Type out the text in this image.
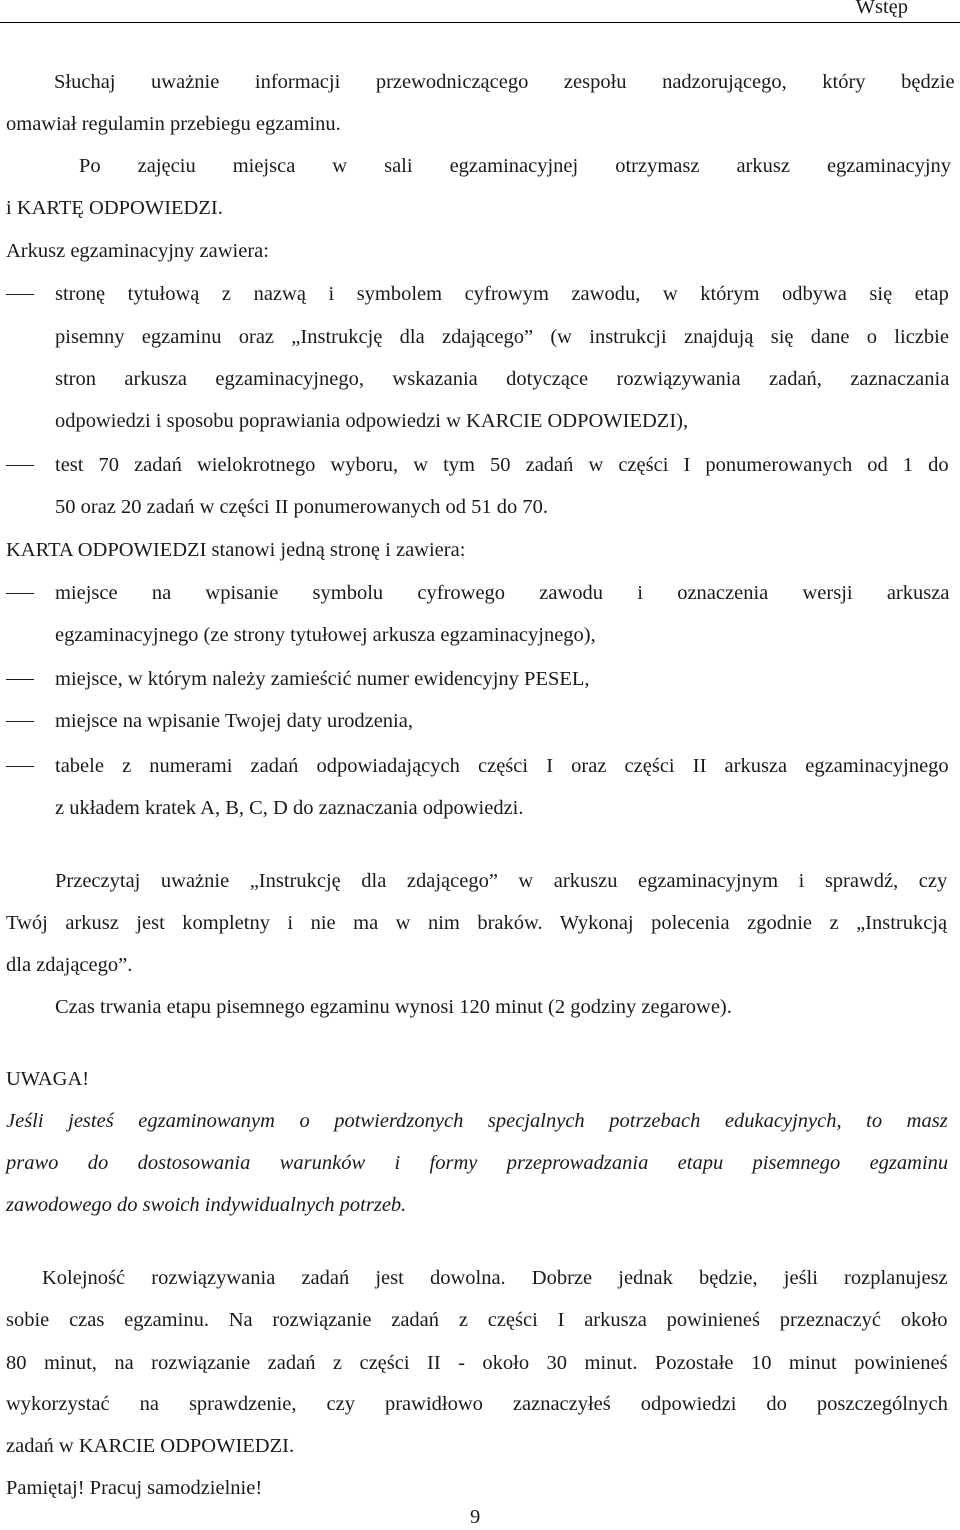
Wstęp
Słuchaj uważnie informacji przewodniczącego zespołu nadzorującego, który będzie
omawiał regulamin przebiegu egzaminu.
Po zajęciu miejsca w sali egzaminacyjnej otrzymasz arkusz egzaminacyjny
i KARTĘ ODPOWIEDZI.
Arkusz egzaminacyjny zawiera:
stronę tytułową z nazwą i symbolem cyfrowym zawodu, w którym odbywa się etap
pisemny egzaminu oraz „Instrukcję dla zdającego” (w instrukcji znajdują się dane o liczbie
stron arkusza egzaminacyjnego, wskazania dotyczące rozwiązywania zadań, zaznaczania
odpowiedzi i sposobu poprawiania odpowiedzi w KARCIE ODPOWIEDZI),
test 70 zadań wielokrotnego wyboru, w tym 50 zadań w części I ponumerowanych od 1 do
50 oraz 20 zadań w części II ponumerowanych od 51 do 70.
KARTA ODPOWIEDZI stanowi jedną stronę i zawiera:
miejsce na wpisanie symbolu cyfrowego zawodu i oznaczenia wersji arkusza
egzaminacyjnego (ze strony tytułowej arkusza egzaminacyjnego),
miejsce, w którym należy zamieścić numer ewidencyjny PESEL,
miejsce na wpisanie Twojej daty urodzenia,
tabele z numerami zadań odpowiadających części I oraz części II arkusza egzaminacyjnego
z układem kratek A, B, C, D do zaznaczania odpowiedzi.
Przeczytaj uważnie „Instrukcję dla zdającego” w arkuszu egzaminacyjnym i sprawdź, czy
Twój arkusz jest kompletny i nie ma w nim braków. Wykonaj polecenia zgodnie z „Instrukcją
dla zdającego”.
Czas trwania etapu pisemnego egzaminu wynosi 120 minut (2 godziny zegarowe).
UWAGA!
Jeśli jesteś egzaminowanym o potwierdzonych specjalnych potrzebach edukacyjnych, to masz
prawo do dostosowania warunków i formy przeprowadzania etapu pisemnego egzaminu
zawodowego do swoich indywidualnych potrzeb.
Kolejność rozwiązywania zadań jest dowolna. Dobrze jednak będzie, jeśli rozplanujesz
sobie czas egzaminu. Na rozwiązanie zadań z części I arkusza powinieneś przeznaczyć około
80 minut, na rozwiązanie zadań z części II - około 30 minut. Pozostałe 10 minut powinieneś
wykorzystać na sprawdzenie, czy prawidłowo zaznaczyłeś odpowiedzi do poszczególnych
zadań w KARCIE ODPOWIEDZI.
Pamiętaj! Pracuj samodzielnie!
9
